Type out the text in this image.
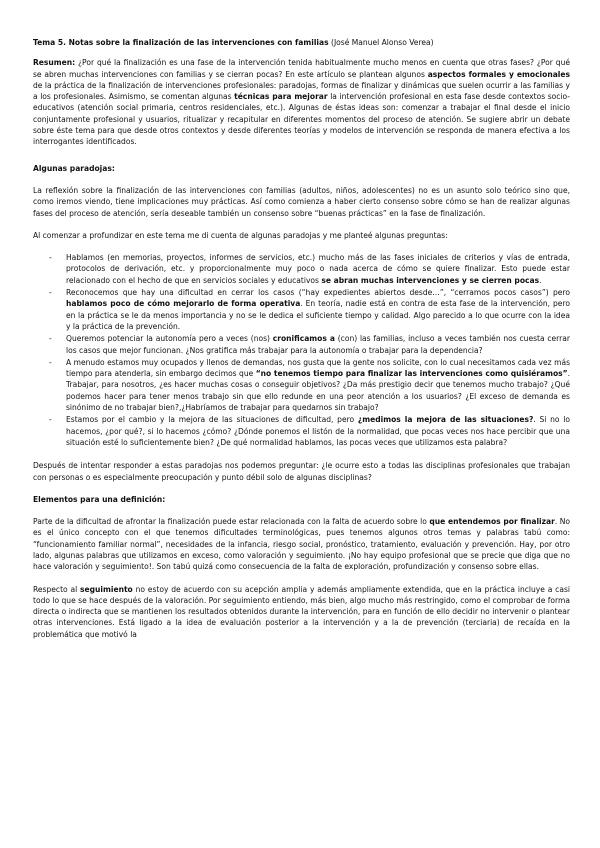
Tema 5. Notas sobre la finalización de las intervenciones con familias (José Manuel Alonso Verea)

Resumen: ¿Por qué la finalización es una fase de la intervención tenida habitualmente mucho menos en cuenta que otras fases? ¿Por qué se abren muchas intervenciones con familias y se cierran pocas? En este artículo se plantean algunos aspectos formales y emocionales de la práctica de la finalización de intervenciones profesionales: paradojas, formas de finalizar y dinámicas que suelen ocurrir a las familias y a los profesionales. Asimismo, se comentan algunas técnicas para mejorar la intervención profesional en esta fase desde contextos socio-educativos (atención social primaria, centros residenciales, etc.). Algunas de éstas ideas son: comenzar a trabajar el final desde el inicio conjuntamente profesional y usuarios, ritualizar y recapitular en diferentes momentos del proceso de atención. Se sugiere abrir un debate sobre éste tema para que desde otros contextos y desde diferentes teorías y modelos de intervención se responda de manera efectiva a los interrogantes identificados.

Algunas paradojas:

La reflexión sobre la finalización de las intervenciones con familias (adultos, niños, adolescentes) no es un asunto solo teórico sino que, como iremos viendo, tiene implicaciones muy prácticas. Así como comienza a haber cierto consenso sobre cómo se han de realizar algunas fases del proceso de atención, sería deseable también un consenso sobre “buenas prácticas” en la fase de finalización.

Al comenzar a profundizar en este tema me di cuenta de algunas paradojas y me planteé algunas preguntas:

- Hablamos (en memorias, proyectos, informes de servicios, etc.) mucho más de las fases iniciales de criterios y vías de entrada, protocolos de derivación, etc. y proporcionalmente muy poco o nada acerca de cómo se quiere finalizar. Esto puede estar relacionado con el hecho de que en servicios sociales y educativos se abran muchas intervenciones y se cierren pocas.
- Reconocemos que hay una dificultad en cerrar los casos (“hay expedientes abiertos desde…”, “cerramos pocos casos”) pero hablamos poco de cómo mejorarlo de forma operativa. En teoría, nadie está en contra de esta fase de la intervención, pero en la práctica se le da menos importancia y no se le dedica el suficiente tiempo y calidad. Algo parecido a lo que ocurre con la idea y la práctica de la prevención.
- Queremos potenciar la autonomía pero a veces (nos) cronificamos a (con) las familias, incluso a veces también nos cuesta cerrar los casos que mejor funcionan. ¿Nos gratifica más trabajar para la autonomía o trabajar para la dependencia?
- A menudo estamos muy ocupados y llenos de demandas, nos gusta que la gente nos solicite, con lo cual necesitamos cada vez más tiempo para atenderla, sin embargo decimos que “no tenemos tiempo para finalizar las intervenciones como quisiéramos”. Trabajar, para nosotros, ¿es hacer muchas cosas o conseguir objetivos? ¿Da más prestigio decir que tenemos mucho trabajo? ¿Qué podemos hacer para tener menos trabajo sin que ello redunde en una peor atención a los usuarios? ¿El exceso de demanda es sinónimo de no trabajar bien?,¿Habríamos de trabajar para quedarnos sin trabajo?
- Estamos por el cambio y la mejora de las situaciones de dificultad, pero ¿medimos la mejora de las situaciones?. Si no lo hacemos, ¿por qué?, si lo hacemos ¿cómo? ¿Dónde ponemos el listón de la normalidad, que pocas veces nos hace percibir que una situación esté lo suficientemente bien? ¿De qué normalidad hablamos, las pocas veces que utilizamos esta palabra?

Después de intentar responder a estas paradojas nos podemos preguntar: ¿le ocurre esto a todas las disciplinas profesionales que trabajan con personas o es especialmente preocupación y punto débil solo de algunas disciplinas?

Elementos para una definición:

Parte de la dificultad de afrontar la finalización puede estar relacionada con la falta de acuerdo sobre lo que entendemos por finalizar. No es el único concepto con el que tenemos dificultades terminológicas, pues tenemos algunos otros temas y palabras tabú como: “funcionamiento familiar normal”, necesidades de la infancia, riesgo social, pronóstico, tratamiento, evaluación y prevención. Hay, por otro lado, algunas palabras que utilizamos en exceso, como valoración y seguimiento. ¡No hay equipo profesional que se precie que diga que no hace valoración y seguimiento!. Son tabú quizá como consecuencia de la falta de exploración, profundización y consenso sobre ellas.

Respecto al seguimiento no estoy de acuerdo con su acepción amplia y además ampliamente extendida, que en la práctica incluye a casi todo lo que se hace después de la valoración. Por seguimiento entiendo, más bien, algo mucho más restringido, como el comprobar de forma directa o indirecta que se mantienen los resultados obtenidos durante la intervención, para en función de ello decidir no intervenir o plantear otras intervenciones. Está ligado a la idea de evaluación posterior a la intervención y a la de prevención (terciaria) de recaída en la problemática que motivó la
